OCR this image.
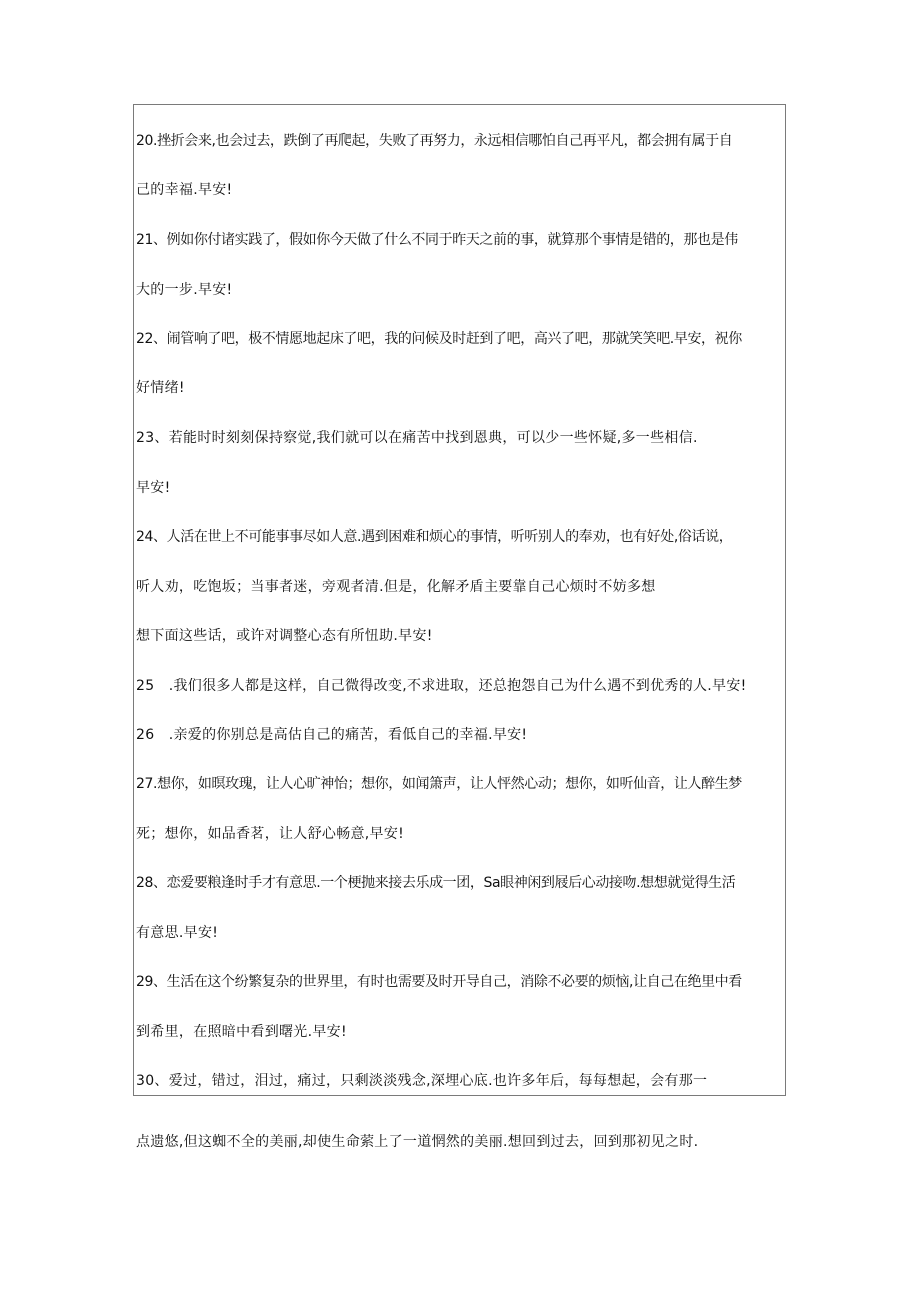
20.挫折会来,也会过去，跌倒了再爬起，失败了再努力，永远相信哪怕自己再平凡，都会拥有属于自
己的幸福.早安!
21、例如你付诸实践了，假如你今天做了什么不同于昨天之前的事，就算那个事情是错的，那也是伟
大的一步.早安!
22、闹管响了吧，极不情愿地起床了吧，我的问候及时赶到了吧，高兴了吧，那就笑笑吧.早安，祝你
好情绪!
23、若能时时刻刻保持察觉,我们就可以在痛苦中找到恩典，可以少一些怀疑,多一些相信.
早安!
24、人活在世上不可能事事尽如人意.遇到困难和烦心的事情，听听别人的奉劝，也有好处,俗话说，
听人劝，吃饱坂；当事者迷，旁观者清.但是，化解矛盾主要靠自己心烦时不妨多想
想下面这些话，或许对调整心态有所忸助.早安!
25　.我们很多人都是这样，自己微得改变,不求进取，还总抱怨自己为什么遇不到优秀的人.早安!
26　.亲爱的你别总是高估自己的痛苦，看低自己的幸福.早安!
27.想你，如暝玫瑰，让人心旷神怡；想你，如闻箫声，让人怦然心动；想你，如听仙音，让人醉生梦
死；想你，如品香茗，让人舒心畅意,早安!
28、恋爱要粮逢时手才有意思.一个梗抛来接去乐成一团，Sa眼神闲到屐后心动接吻.想想就觉得生活
有意思.早安!
29、生活在这个纷繁复杂的世界里，有时也需要及时开导自己，消除不必要的烦恼,让自己在绝里中看
到希里，在照暗中看到曙光.早安!
30、爱过，错过，泪过，痛过，只剩淡淡残念,深埋心底.也许多年后，每每想起，会有那一
点遗悠,但这蜘不全的美丽,却使生命萦上了一道惘然的美丽.想回到过去，回到那初见之时.
